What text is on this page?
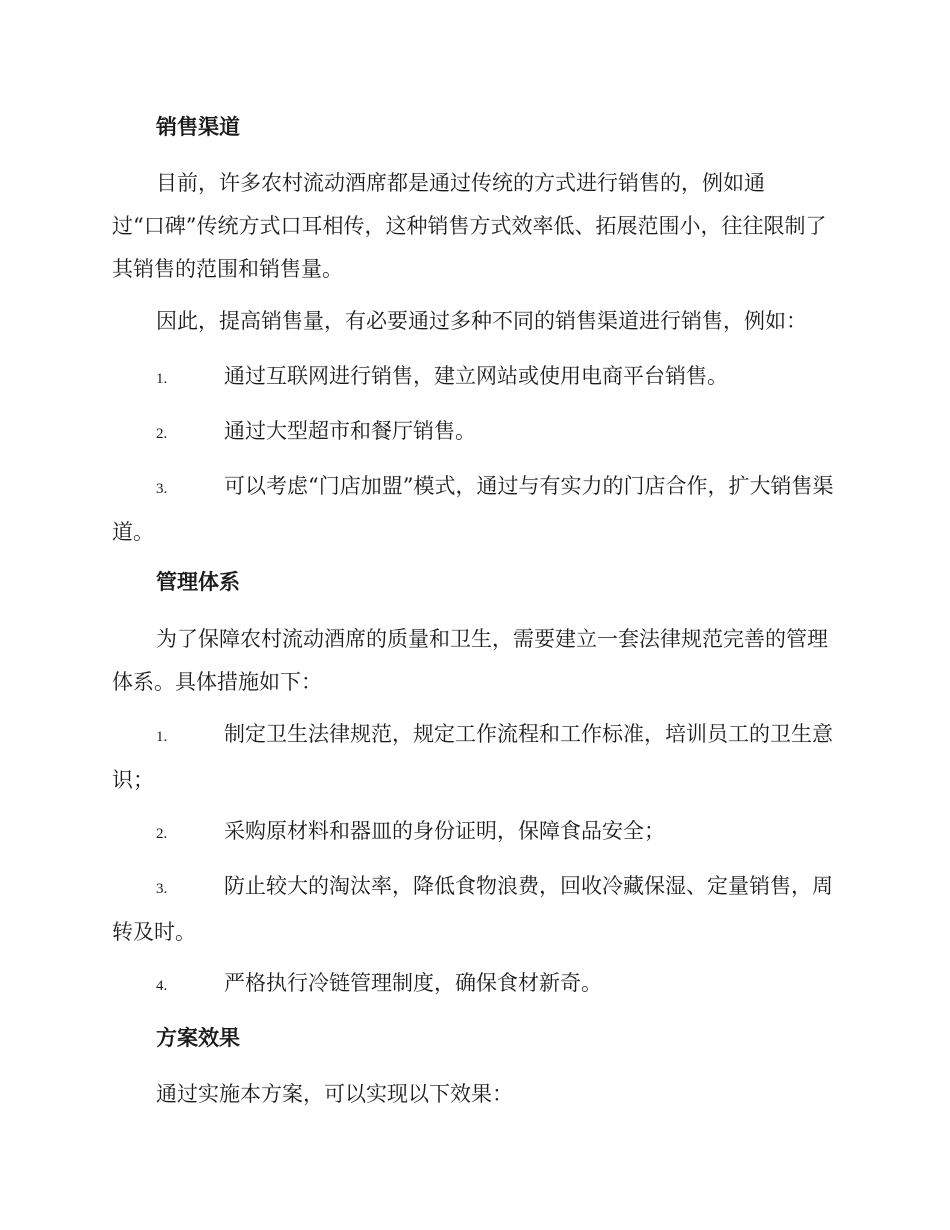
销售渠道
目前，许多农村流动酒席都是通过传统的方式进行销售的，例如通
过“口碑”传统方式口耳相传，这种销售方式效率低、拓展范围小，往往限制了其销售的范围和销售量。
因此，提高销售量，有必要通过多种不同的销售渠道进行销售，例如：
1.	通过互联网进行销售，建立网站或使用电商平台销售。
2.	通过大型超市和餐厅销售。
3.	可以考虑“门店加盟”模式，通过与有实力的门店合作，扩大销售渠道。
管理体系
为了保障农村流动酒席的质量和卫生，需要建立一套法律规范完善的管理体系。具体措施如下：
1.	制定卫生法律规范，规定工作流程和工作标准，培训员工的卫生意识；
2.	采购原材料和器皿的身份证明，保障食品安全；
3.	防止较大的淘汰率，降低食物浪费，回收冷藏保湿、定量销售，周转及时。
4.	严格执行冷链管理制度，确保食材新奇。
方案效果
通过实施本方案，可以实现以下效果：
